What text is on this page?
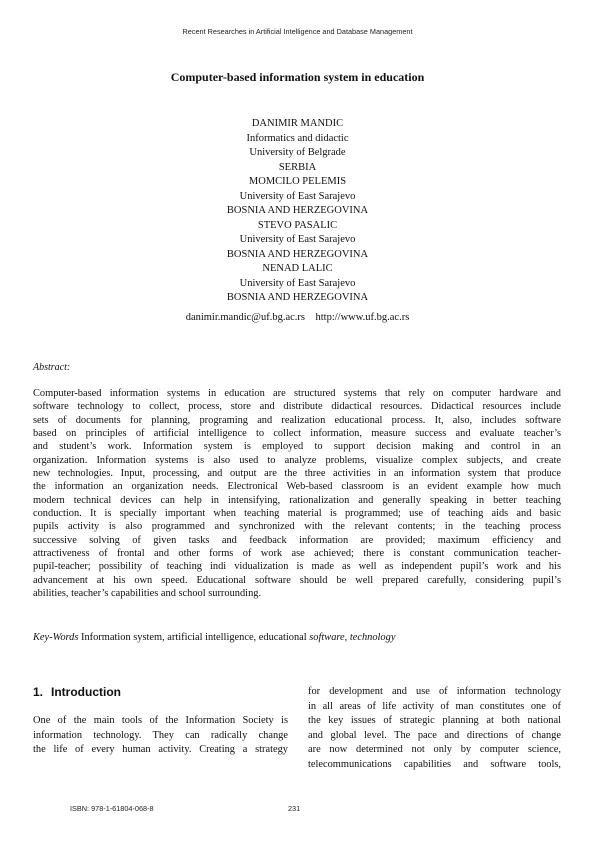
Recent Researches in Artificial Intelligence and Database Management
Computer-based information system in education
DANIMIR MANDIC
Informatics and didactic
University of Belgrade
SERBIA
MOMCILO PELEMIS
University of East Sarajevo
BOSNIA AND HERZEGOVINA
STEVO PASALIC
University of East Sarajevo
BOSNIA AND HERZEGOVINA
NENAD LALIC
University of East Sarajevo
BOSNIA AND HERZEGOVINA
danimir.mandic@uf.bg.ac.rs http://www.uf.bg.ac.rs
Abstract:
Computer-based information systems in education are structured systems that rely on computer hardware and
software technology to collect, process, store and distribute didactical resources. Didactical resources include
sets of documents for planning, programing and realization educational process. It, also, includes software
based on principles of artificial intelligence to collect information, measure success and evaluate teacher’s
and student’s work. Information system is employed to support decision making and control in an
organization. Information systems is also used to analyze problems, visualize complex subjects, and create
new technologies. Input, processing, and output are the three activities in an information system that produce
the information an organization needs. Electronical Web-based classroom is an evident example how much
modern technical devices can help in intensifying, rationalization and generally speaking in better teaching
conduction. It is specially important when teaching material is programmed; use of teaching aids and basic
pupils activity is also programmed and synchronized with the relevant contents; in the teaching process
successive solving of given tasks and feedback information are provided; maximum efficiency and
attractiveness of frontal and other forms of work ase achieved; there is constant communication teacher-
pupil-teacher; possibility of teaching indi vidualization is made as well as independent pupil’s work and his
advancement at his own speed. Educational software should be well prepared carefully, considering pupil’s
abilities, teacher’s capabilities and school surrounding.
Key-Words Information system, artificial intelligence, educational software, technology
1. Introduction
One of the main tools of the Information Society is
information technology. They can radically change
the life of every human activity. Creating a strategy
for development and use of information technology
in all areas of life activity of man constitutes one of
the key issues of strategic planning at both national
and global level. The pace and directions of change
are now determined not only by computer science,
telecommunications capabilities and software tools,
ISBN: 978-1-61804-068-8	231
